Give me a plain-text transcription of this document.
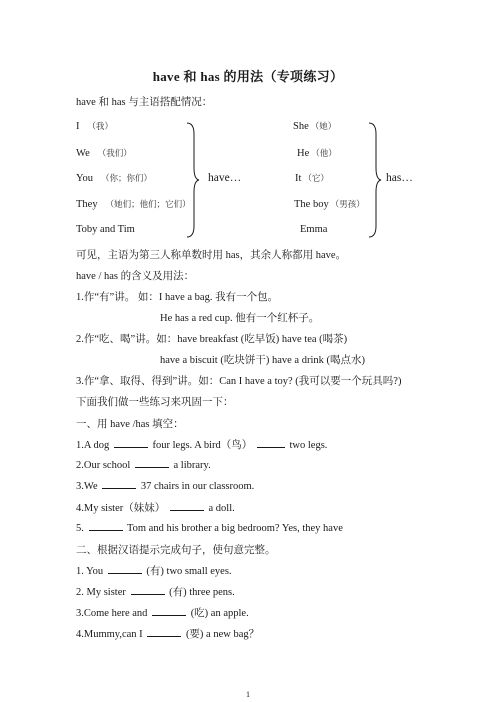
have 和 has 的用法（专项练习）
have 和 has 与主语搭配情况：
I （我）
We （我们）
You （你；你们）
They （她们；他们；它们）
Toby and Tim
have…
She （她）
He （他）
It （它）
The boy （男孩）
Emma
has…
可见，主语为第三人称单数时用 has，其余人称都用 have。
have / has 的含义及用法：
1.作“有”讲。 如：I have a bag. 我有一个包。
He has a red cup. 他有一个红杯子。
2.作“吃、喝”讲。如：have breakfast (吃早饭) have tea (喝茶)
have a biscuit (吃块饼干) have a drink (喝点水)
3.作“拿、取得、得到”讲。如：Can I have a toy? (我可以要一个玩具吗?)
下面我们做一些练习来巩固一下：
一、用 have /has 填空：
1.A dog	four legs. A bird（鸟）	two legs.
2.Our school	a library.
3.We	37 chairs in our classroom.
4.My sister（妹妹）	a doll.
5.	Tom and his brother a big bedroom? Yes, they have
二、根据汉语提示完成句子，使句意完整。
1. You	(有) two small eyes.
2. My sister	(有) three pens.
3.Come here and	(吃) an apple.
4.Mummy,can I	(要) a new bag？
1
